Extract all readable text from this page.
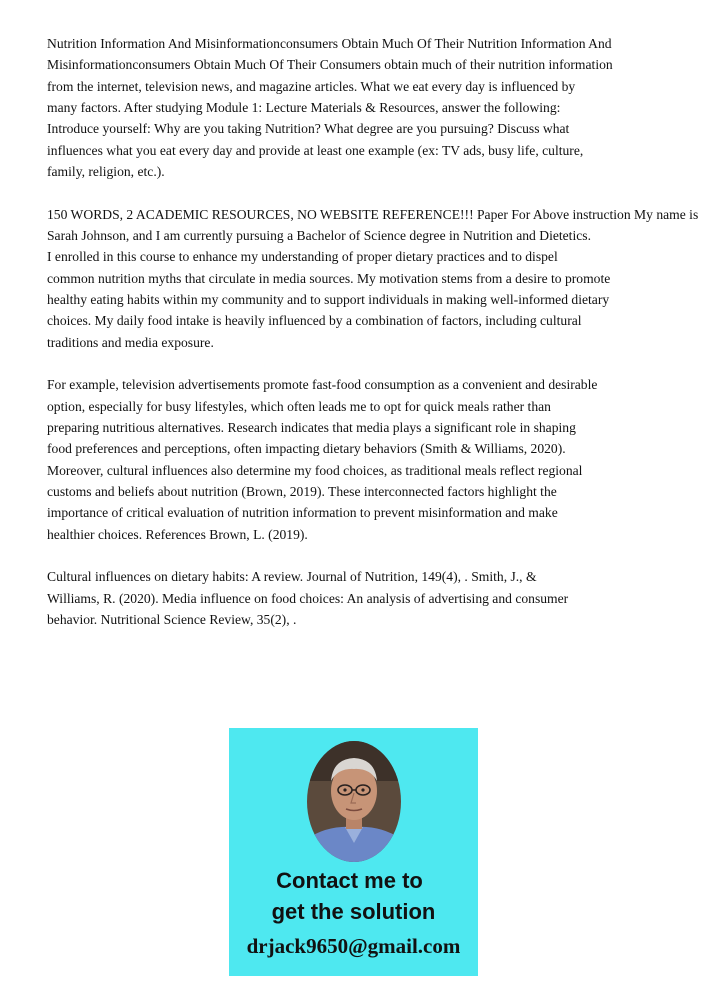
Nutrition Information And Misinformationconsumers Obtain Much Of Their Nutrition Information And
Misinformationconsumers Obtain Much Of Their Consumers obtain much of their nutrition information
from the internet, television news, and magazine articles. What we eat every day is influenced by
many factors. After studying Module 1: Lecture Materials & Resources, answer the following:
Introduce yourself: Why are you taking Nutrition? What degree are you pursuing? Discuss what
influences what you eat every day and provide at least one example (ex: TV ads, busy life, culture,
family, religion, etc.).
150 WORDS, 2 ACADEMIC RESOURCES, NO WEBSITE REFERENCE!!! Paper For Above instruction My name is
Sarah Johnson, and I am currently pursuing a Bachelor of Science degree in Nutrition and Dietetics.
I enrolled in this course to enhance my understanding of proper dietary practices and to dispel
common nutrition myths that circulate in media sources. My motivation stems from a desire to promote
healthy eating habits within my community and to support individuals in making well-informed dietary
choices. My daily food intake is heavily influenced by a combination of factors, including cultural
traditions and media exposure.
For example, television advertisements promote fast-food consumption as a convenient and desirable
option, especially for busy lifestyles, which often leads me to opt for quick meals rather than
preparing nutritious alternatives. Research indicates that media plays a significant role in shaping
food preferences and perceptions, often impacting dietary behaviors (Smith & Williams, 2020).
Moreover, cultural influences also determine my food choices, as traditional meals reflect regional
customs and beliefs about nutrition (Brown, 2019). These interconnected factors highlight the
importance of critical evaluation of nutrition information to prevent misinformation and make
healthier choices. References Brown, L. (2019).
Cultural influences on dietary habits: A review. Journal of Nutrition, 149(4), . Smith, J., &
Williams, R. (2020). Media influence on food choices: An analysis of advertising and consumer
behavior. Nutritional Science Review, 35(2), .
Contact me to
get the solution
drjack9650@gmail.com
